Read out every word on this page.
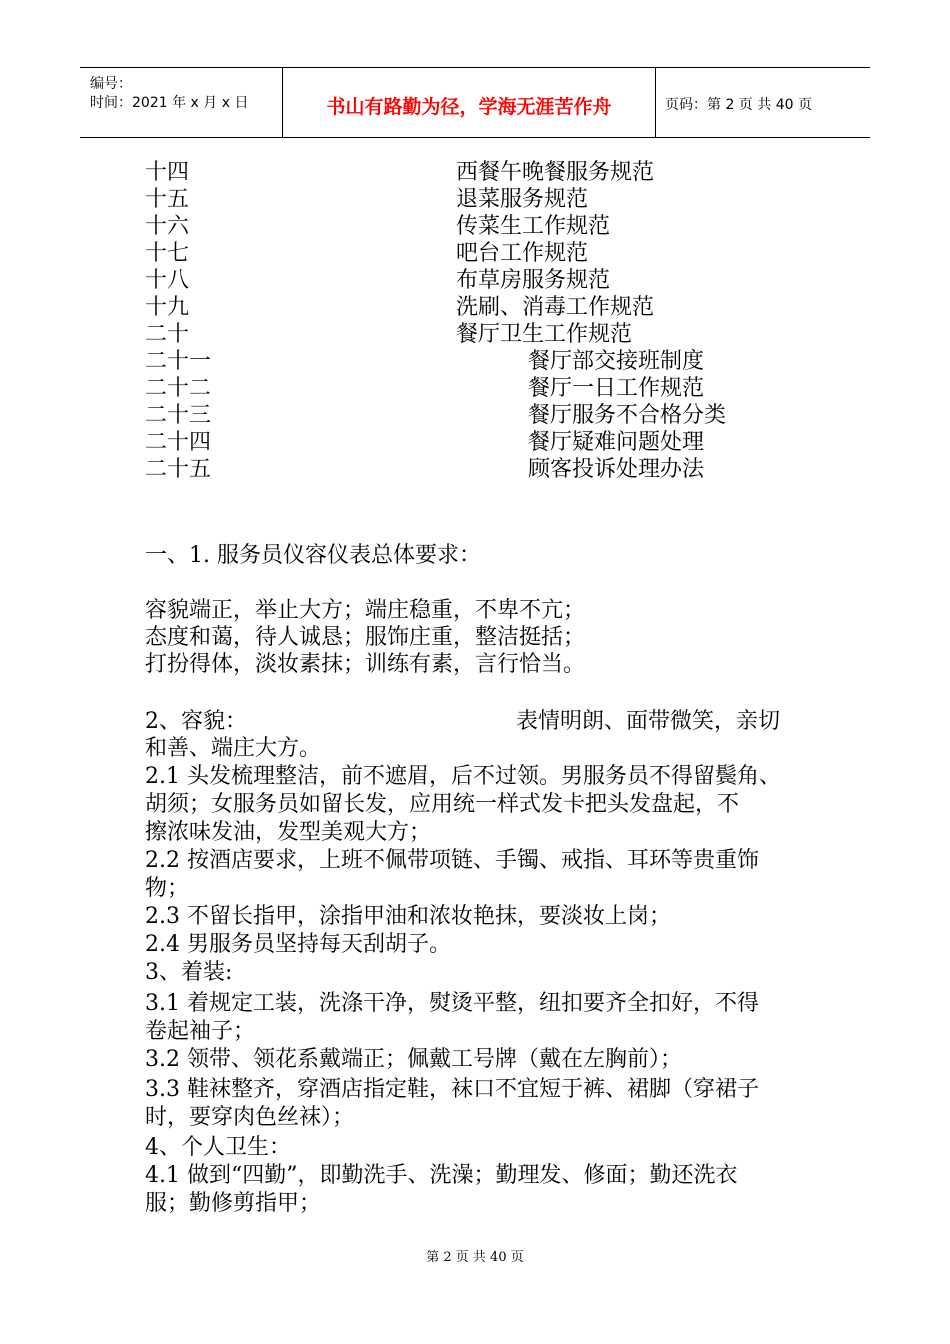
编号：
时间：2021 年 x 月 x 日	书山有路勤为径，学海无涯苦作舟	页码：第 2 页 共 40 页
十四	西餐午晚餐服务规范
十五	退菜服务规范
十六	传菜生工作规范
十七	吧台工作规范
十八	布草房服务规范
十九	洗刷、消毒工作规范
二十	餐厅卫生工作规范
二十一	餐厅部交接班制度
二十二	餐厅一日工作规范
二十三	餐厅服务不合格分类
二十四	餐厅疑难问题处理
二十五	顾客投诉处理办法
一、1. 服务员仪容仪表总体要求：
容貌端正，举止大方；端庄稳重，不卑不亢；
态度和蔼，待人诚恳；服饰庄重，整洁挺括；
打扮得体，淡妆素抹；训练有素，言行恰当。
2、容貌：	表情明朗、面带微笑，亲切
和善、端庄大方。
2.1 头发梳理整洁，前不遮眉，后不过领。男服务员不得留鬓角、
胡须；女服务员如留长发，应用统一样式发卡把头发盘起，不
擦浓味发油，发型美观大方；
2.2 按酒店要求，上班不佩带项链、手镯、戒指、耳环等贵重饰
物；
2.3 不留长指甲，涂指甲油和浓妆艳抹，要淡妆上岗；
2.4 男服务员坚持每天刮胡子。
3、着装:
3.1 着规定工装，洗涤干净，熨烫平整，纽扣要齐全扣好，不得
卷起袖子；
3.2 领带、领花系戴端正；佩戴工号牌（戴在左胸前）；
3.3 鞋袜整齐，穿酒店指定鞋，袜口不宜短于裤、裙脚（穿裙子
时，要穿肉色丝袜）；
4、个人卫生：
4.1 做到“四勤”，即勤洗手、洗澡；勤理发、修面；勤还洗衣
服；勤修剪指甲；
第 2 页 共 40 页
